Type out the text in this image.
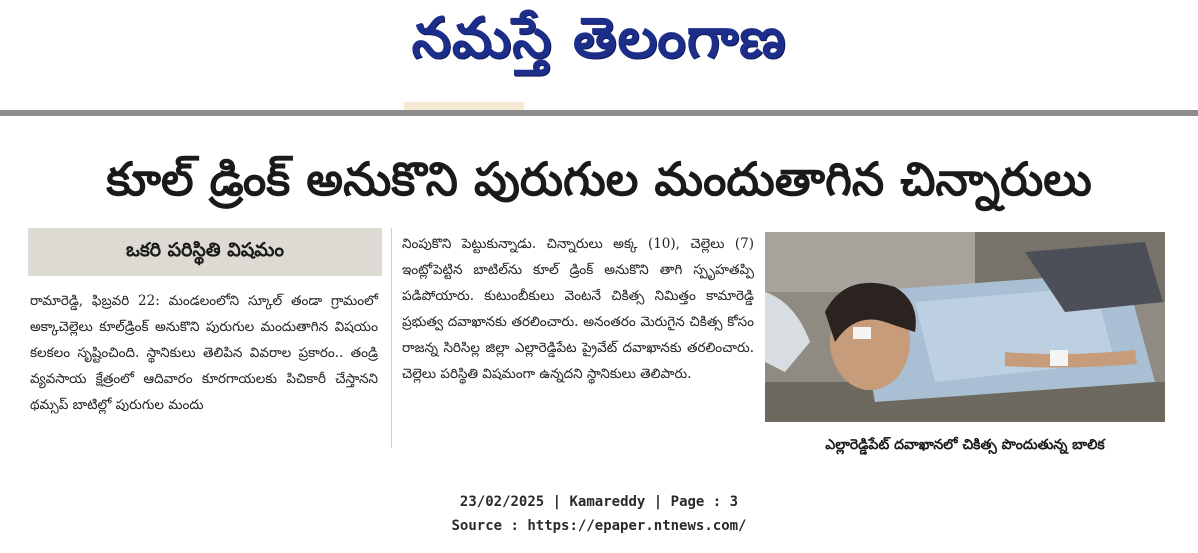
నమస్తే తెలంగాణ
కూల్ డ్రింక్ అనుకొని పురుగుల మందుతాగిన చిన్నారులు
ఒకరి పరిస్థితి విషమం
రామారెడ్డి, ఫిబ్రవరి 22: మండలంలోని స్కూల్ తండా గ్రామంలో అక్కాచెల్లెలు కూల్‌డ్రింక్ అనుకొని పురుగుల మందుతాగిన విషయం కలకలం సృష్టించింది. స్థానికులు తెలిపిన వివరాల ప్రకారం.. తండ్రి వ్యవసాయ క్షేత్రంలో ఆదివారం కూరగాయలకు పిచికారీ చేస్తానని థమ్సప్ బాటిల్లో పురుగుల మందు
నింపుకొని పెట్టుకున్నాడు. చిన్నారులు అక్క (10), చెల్లెలు (7) ఇంట్లోపెట్టిన బాటిల్‌ను కూల్ డ్రింక్ అనుకొని తాగి స్పృహతప్పి పడిపోయారు. కుటుంబీకులు వెంటనే చికిత్స నిమిత్తం కామారెడ్డి ప్రభుత్వ దవాఖానకు తరలించారు. అనంతరం మెరుగైన చికిత్స కోసం రాజన్న సిరిసిల్ల జిల్లా ఎల్లారెడ్డిపేట ప్రైవేట్ దవాఖానకు తరలించారు. చెల్లెలు పరిస్థితి విషమంగా ఉన్నదని స్థానికులు తెలిపారు.
ఎల్లారెడ్డిపేట్ దవాఖానలో చికిత్స పొందుతున్న బాలిక
23/02/2025 | Kamareddy | Page : 3
Source : https://epaper.ntnews.com/
